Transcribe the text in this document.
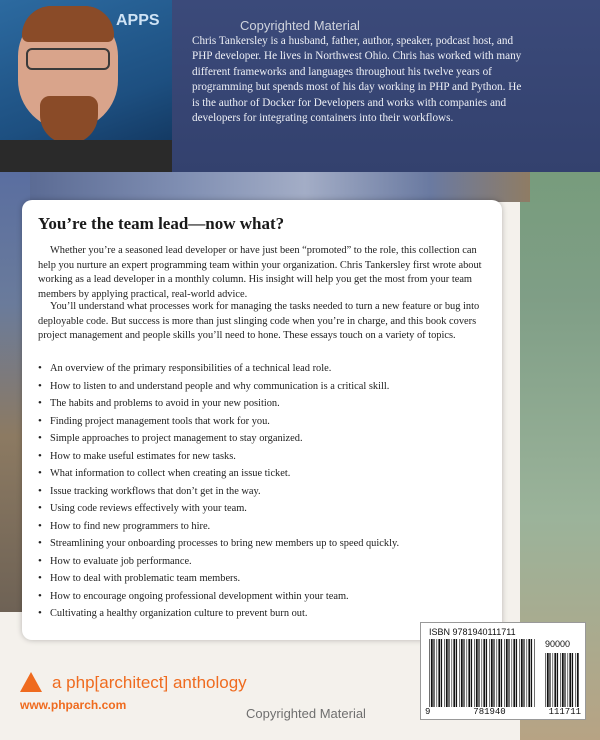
APPS	Copyrighted Material

Chris Tankersley is a husband, father, author, speaker, podcast host, and PHP developer. He lives in Northwest Ohio. Chris has worked with many different frameworks and languages throughout his twelve years of programming but spends most of his day working in PHP and Python. He is the author of Docker for Developers and works with companies and developers for integrating containers into their workflows.

You’re the team lead—now what?

Whether you’re a seasoned lead developer or have just been “promoted” to the role, this collection can help you nurture an expert programming team within your organization. Chris Tankersley first wrote about working as a lead developer in a monthly column. His insight will help you get the most from your team members by applying practical, real-world advice.

You’ll understand what processes work for managing the tasks needed to turn a new feature or bug into deployable code. But success is more than just slinging code when you’re in charge, and this book covers project management and people skills you’ll need to hone. These essays touch on a variety of topics.

• An overview of the primary responsibilities of a technical lead role.
• How to listen to and understand people and why communication is a critical skill.
• The habits and problems to avoid in your new position.
• Finding project management tools that work for you.
• Simple approaches to project management to stay organized.
• How to make useful estimates for new tasks.
• What information to collect when creating an issue ticket.
• Issue tracking workflows that don’t get in the way.
• Using code reviews effectively with your team.
• How to find new programmers to hire.
• Streamlining your onboarding processes to bring new members up to speed quickly.
• How to evaluate job performance.
• How to deal with problematic team members.
• How to encourage ongoing professional development within your team.
• Cultivating a healthy organization culture to prevent burn out.
a php[architect] anthology
www.phparch.com
Copyrighted Material
ISBN 9781940111711
90000
9	781940	111711
